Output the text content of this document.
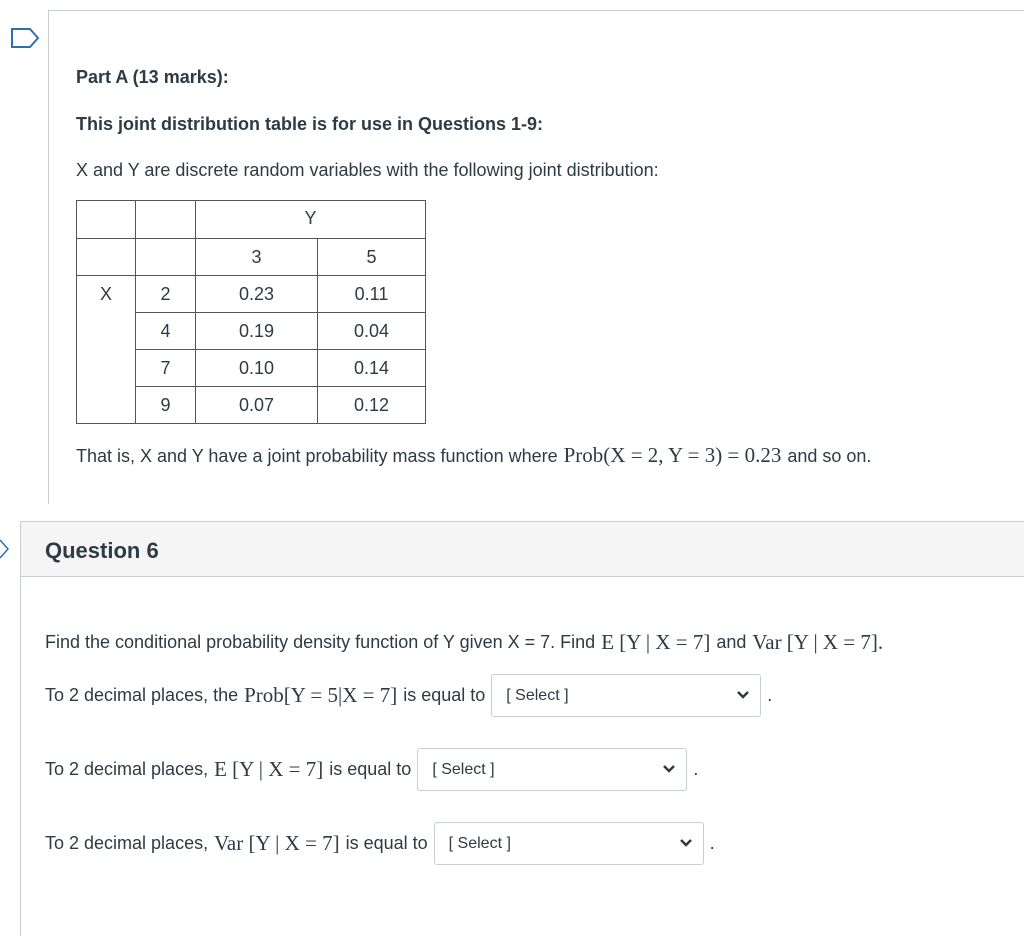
Part A (13 marks):
This joint distribution table is for use in Questions 1-9:
X and Y are discrete random variables with the following joint distribution:
		Y	
		3	5
X	2	0.23	0.11
	4	0.19	0.04
	7	0.10	0.14
	9	0.07	0.12
That is, X and Y have a joint probability mass function where Prob(X = 2, Y = 3) = 0.23 and so on.
Question 6
Find the conditional probability density function of Y given X = 7. Find E [Y | X = 7] and Var [Y | X = 7].
To 2 decimal places, the Prob[Y = 5|X = 7] is equal to [ Select ]	.
To 2 decimal places, E [Y | X = 7] is equal to [ Select ]	.
To 2 decimal places, Var [Y | X = 7] is equal to [ Select ]	.
